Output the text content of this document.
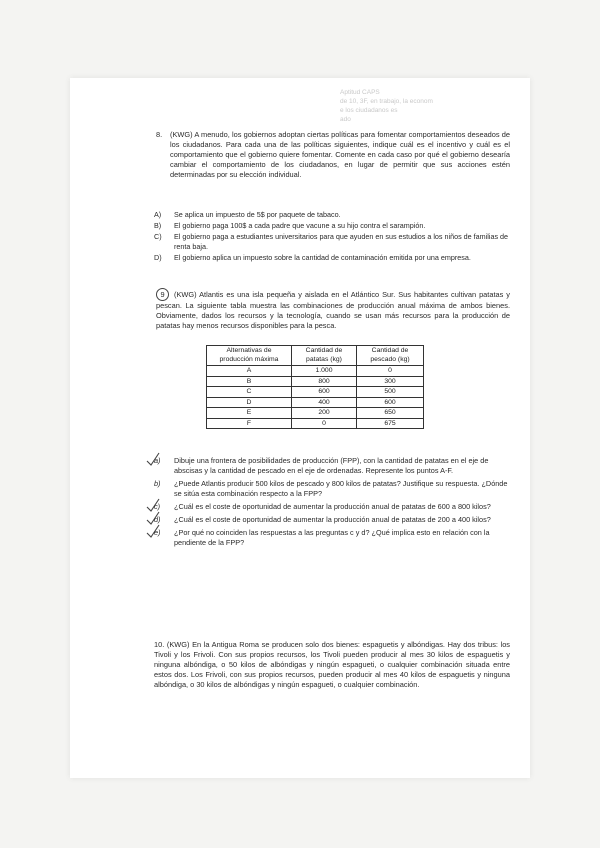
Aptitud CAPS
de 10, 3F, en trabajo, la econom
e los ciudadanos es
ado
8. (KWG) A menudo, los gobiernos adoptan ciertas políticas para fomentar comportamientos deseados de los ciudadanos. Para cada una de las políticas siguientes, indique cuál es el incentivo y cuál es el comportamiento que el gobierno quiere fomentar. Comente en cada caso por qué el gobierno desearía cambiar el comportamiento de los ciudadanos, en lugar de permitir que sus acciones estén determinadas por su elección individual.
A) Se aplica un impuesto de 5$ por paquete de tabaco.
B) El gobierno paga 100$ a cada padre que vacune a su hijo contra el sarampión.
C) El gobierno paga a estudiantes universitarios para que ayuden en sus estudios a los niños de familias de renta baja.
D) El gobierno aplica un impuesto sobre la cantidad de contaminación emitida por una empresa.
9 (KWG) Atlantis es una isla pequeña y aislada en el Atlántico Sur. Sus habitantes cultivan patatas y pescan. La siguiente tabla muestra las combinaciones de producción anual máxima de ambos bienes. Obviamente, dados los recursos y la tecnología, cuando se usan más recursos para la producción de patatas hay menos recursos disponibles para la pesca.
Alternativas de producción máxima	Cantidad de patatas (kg)	Cantidad de pescado (kg)
A	1.000	0
B	800	300
C	600	500
D	400	600
E	200	650
F	0	675
a) Dibuje una frontera de posibilidades de producción (FPP), con la cantidad de patatas en el eje de abscisas y la cantidad de pescado en el eje de ordenadas. Represente los puntos A-F.
b) ¿Puede Atlantis producir 500 kilos de pescado y 800 kilos de patatas? Justifique su respuesta. ¿Dónde se sitúa esta combinación respecto a la FPP?
c) ¿Cuál es el coste de oportunidad de aumentar la producción anual de patatas de 600 a 800 kilos?
d) ¿Cuál es el coste de oportunidad de aumentar la producción anual de patatas de 200 a 400 kilos?
e) ¿Por qué no coinciden las respuestas a las preguntas c y d? ¿Qué implica esto en relación con la pendiente de la FPP?
10. (KWG) En la Antigua Roma se producen solo dos bienes: espaguetis y albóndigas. Hay dos tribus: los Tivoli y los Frivoli. Con sus propios recursos, los Tivoli pueden producir al mes 30 kilos de espaguetis y ninguna albóndiga, o 50 kilos de albóndigas y ningún espagueti, o cualquier combinación situada entre estos dos. Los Frivoli, con sus propios recursos, pueden producir al mes 40 kilos de espaguetis y ninguna albóndiga, o 30 kilos de albóndigas y ningún espagueti, o cualquier combinación.
